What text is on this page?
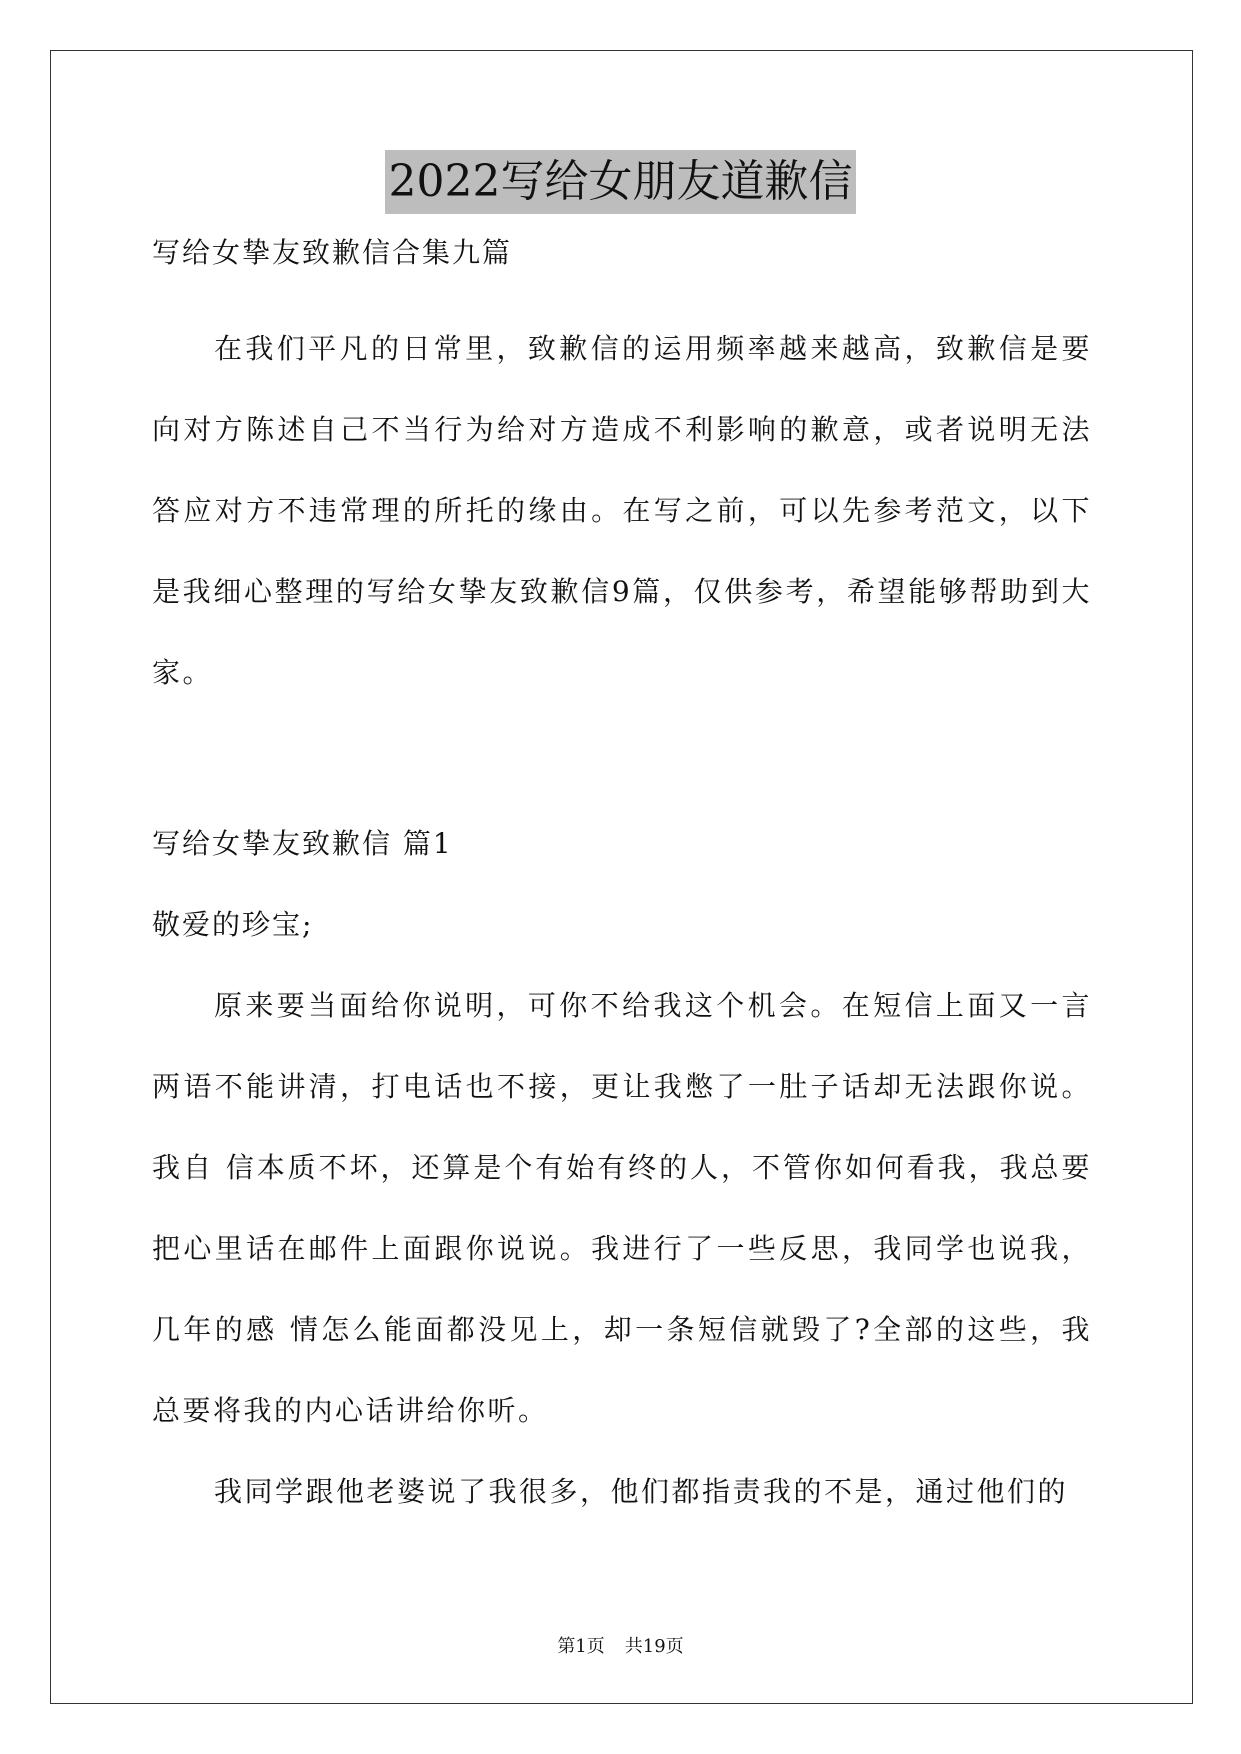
2022写给女朋友道歉信

写给女挚友致歉信合集九篇

在我们平凡的日常里，致歉信的运用频率越来越高，致歉信是要向对方陈述自己不当行为给对方造成不利影响的歉意，或者说明无法答应对方不违常理的所托的缘由。在写之前，可以先参考范文，以下是我细心整理的写给女挚友致歉信9篇，仅供参考，希望能够帮助到大家。

写给女挚友致歉信 篇1

敬爱的珍宝;

原来要当面给你说明，可你不给我这个机会。在短信上面又一言两语不能讲清，打电话也不接，更让我憋了一肚子话却无法跟你说。我自 信本质不坏，还算是个有始有终的人，不管你如何看我，我总要把心里话在邮件上面跟你说说。我进行了一些反思，我同学也说我，几年的感 情怎么能面都没见上，却一条短信就毁了?全部的这些，我总要将我的内心话讲给你听。

我同学跟他老婆说了我很多，他们都指责我的不是，通过他们的

第1页 共19页
